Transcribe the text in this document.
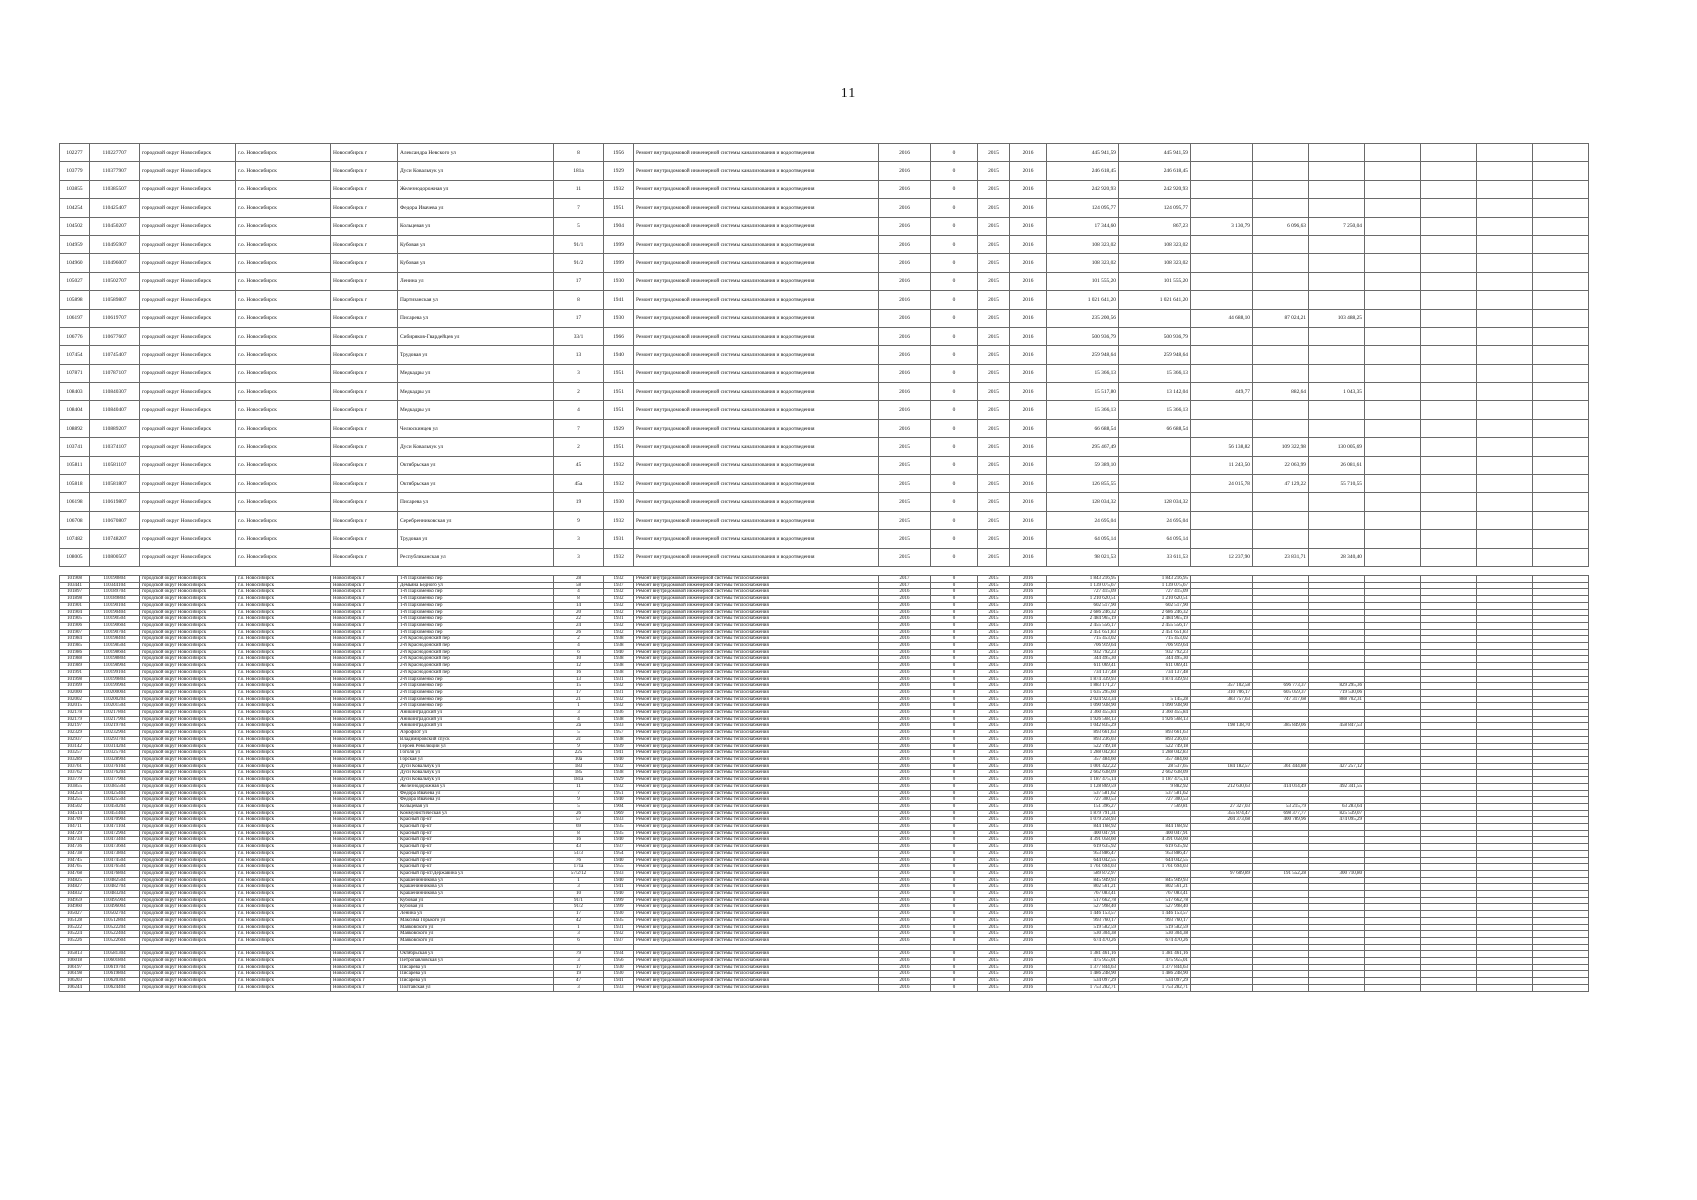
11
102277	110227707	городской округ Новосибирск	г.о. Новосибирск	Новосибирск г	Александра Невского ул	8	1956	Ремонт внутридомовой инженерной системы канализования и водоотведения	2016	0	2015	2016	445 941,59	445 941,59							
103779	110377907	городской округ Новосибирск	г.о. Новосибирск	Новосибирск г	Дуси Ковальчук ул	181а	1929	Ремонт внутридомовой инженерной системы канализования и водоотведения	2016	0	2015	2016	246 618,45	246 618,45							
103855	110385507	городской округ Новосибирск	г.о. Новосибирск	Новосибирск г	Железнодорожная ул	11	1932	Ремонт внутридомовой инженерной системы канализования и водоотведения	2016	0	2015	2016	242 920,93	242 920,93							
104254	110425407	городской округ Новосибирск	г.о. Новосибирск	Новосибирск г	Федора Ивачева ул	7	1951	Ремонт внутридомовой инженерной системы канализования и водоотведения	2016	0	2015	2016	124 095,77	124 095,77							
104502	110450207	городской округ Новосибирск	г.о. Новосибирск	Новосибирск г	Кольцевая ул	5	1904	Ремонт внутридомовой инженерной системы канализования и водоотведения	2016	0	2015	2016	17 344,60	867,23	3 130,79	6 096,63	7 250,04				
104959	110495907	городской округ Новосибирск	г.о. Новосибирск	Новосибирск г	Кубовая ул	91/1	1999	Ремонт внутридомовой инженерной системы канализования и водоотведения	2016	0	2015	2016	108 323,02	108 323,02							
104960	110496007	городской округ Новосибирск	г.о. Новосибирск	Новосибирск г	Кубовая ул	91/2	1999	Ремонт внутридомовой инженерной системы канализования и водоотведения	2016	0	2015	2016	108 323,02	108 323,02							
105027	110502707	городской округ Новосибирск	г.о. Новосибирск	Новосибирск г	Ленина ул	17	1930	Ремонт внутридомовой инженерной системы канализования и водоотведения	2016	0	2015	2016	101 555,20	101 555,20							
105898	110589807	городской округ Новосибирск	г.о. Новосибирск	Новосибирск г	Партизанская ул	8	1941	Ремонт внутридомовой инженерной системы канализования и водоотведения	2016	0	2015	2016	1 021 641,20	1 021 641,20							
106197	110619707	городской округ Новосибирск	г.о. Новосибирск	Новосибирск г	Писарева ул	17	1930	Ремонт внутридомовой инженерной системы канализования и водоотведения	2016	0	2015	2016	235 200,56		44 688,10	87 024,21	103 488,25				
106776	110677607	городской округ Новосибирск	г.о. Новосибирск	Новосибирск г	Сибиряков-Гвардейцев ул	33/1	1966	Ремонт внутридомовой инженерной системы канализования и водоотведения	2016	0	2015	2016	500 936,79	500 936,79							
107454	110745407	городской округ Новосибирск	г.о. Новосибирск	Новосибирск г	Трудовая ул	13	1940	Ремонт внутридомовой инженерной системы канализования и водоотведения	2016	0	2015	2016	259 948,64	259 948,64							
107871	110787107	городской округ Новосибирск	г.о. Новосибирск	Новосибирск г	Медкадры ул	3	1951	Ремонт внутридомовой инженерной системы канализования и водоотведения	2016	0	2015	2016	15 366,13	15 366,13							
108403	110840307	городской округ Новосибирск	г.о. Новосибирск	Новосибирск г	Медкадры ул	2	1951	Ремонт внутридомовой инженерной системы канализования и водоотведения	2016	0	2015	2016	15 517,80	13 142,04	449,77	882,64	1 043,35				
108404	110840407	городской округ Новосибирск	г.о. Новосибирск	Новосибирск г	Медкадры ул	4	1951	Ремонт внутридомовой инженерной системы канализования и водоотведения	2016	0	2015	2016	15 366,13	15 366,13							
108892	110889207	городской округ Новосибирск	г.о. Новосибирск	Новосибирск г	Челюскинцев ул	7	1929	Ремонт внутридомовой инженерной системы канализования и водоотведения	2016	0	2015	2016	66 688,54	66 688,54							
103741	110374107	городской округ Новосибирск	г.о. Новосибирск	Новосибирск г	Дуси Ковальчук ул	2	1951	Ремонт внутридомовой инженерной системы канализования и водоотведения	2015	0	2015	2016	295 467,49		56 138,82	109 322,98	130 005,69				
105811	110581107	городской округ Новосибирск	г.о. Новосибирск	Новосибирск г	Октябрьская ул	45	1932	Ремонт внутридомовой инженерной системы канализования и водоотведения	2015	0	2015	2016	59 389,10		11 243,50	22 063,99	26 081,61				
105818	110581807	городской округ Новосибирск	г.о. Новосибирск	Новосибирск г	Октябрьская ул	45а	1932	Ремонт внутридомовой инженерной системы канализования и водоотведения	2015	0	2015	2016	126 855,55		24 015,78	47 129,22	55 710,55				
106198	110619807	городской округ Новосибирск	г.о. Новосибирск	Новосибирск г	Писарева ул	19	1930	Ремонт внутридомовой инженерной системы канализования и водоотведения	2015	0	2015	2016	128 034,32	128 034,32							
106708	110670807	городской округ Новосибирск	г.о. Новосибирск	Новосибирск г	Серебренниковская ул	9	1932	Ремонт внутридомовой инженерной системы канализования и водоотведения	2015	0	2015	2016	24 695,04	24 695,04							
107482	110748207	городской округ Новосибирск	г.о. Новосибирск	Новосибирск г	Трудовая ул	3	1931	Ремонт внутридомовой инженерной системы канализования и водоотведения	2015	0	2015	2016	64 095,14	64 095,14							
108005	110800507	городской округ Новосибирск	г.о. Новосибирск	Новосибирск г	Республиканская ул	3	1932	Ремонт внутридомовой инженерной системы канализования и водоотведения	2015	0	2015	2016	98 021,53	33 611,53	12 237,90	23 831,71	28 340,40				
101908	110190804	городской округ Новосибирск	г.о. Новосибирск	Новосибирск г	1-й Пархоменко пер	28	1932	Ремонт внутридомовой инженерной системы теплоснабжения	2017	0	2015	2016	1 843 216,95	1 843 216,95							
103441	110344104	городской округ Новосибирск	г.о. Новосибирск	Новосибирск г	Демьяна Бедного ул	58	1937	Ремонт внутридомовой инженерной системы теплоснабжения	2017	0	2015	2016	1 139 075,67	1 139 075,67							
101897	110189704	городской округ Новосибирск	г.о. Новосибирск	Новосибирск г	1-й Пархоменко пер	4	1932	Ремонт внутридомовой инженерной системы теплоснабжения	2016	0	2015	2016	727 415,09	727 415,09							
101898	110189804	городской округ Новосибирск	г.о. Новосибирск	Новосибирск г	1-й Пархоменко пер	8	1932	Ремонт внутридомовой инженерной системы теплоснабжения	2016	0	2015	2016	1 210 620,51	1 210 620,51							
101901	110190104	городской округ Новосибирск	г.о. Новосибирск	Новосибирск г	1-й Пархоменко пер	14	1932	Ремонт внутридомовой инженерной системы теплоснабжения	2016	0	2015	2016	602 517,90	602 517,90							
101904	110190404	городской округ Новосибирск	г.о. Новосибирск	Новосибирск г	1-й Пархоменко пер	20	1932	Ремонт внутридомовой инженерной системы теплоснабжения	2016	0	2015	2016	2 686 246,32	2 686 246,32							
101905	110190504	городской округ Новосибирск	г.о. Новосибирск	Новосибирск г	1-й Пархоменко пер	22	1931	Ремонт внутридомовой инженерной системы теплоснабжения	2016	0	2015	2016	2 484 965,19	2 484 965,19							
101906	110190604	городской округ Новосибирск	г.о. Новосибирск	Новосибирск г	1-й Пархоменко пер	24	1932	Ремонт внутридомовой инженерной системы теплоснабжения	2016	0	2015	2016	2 455 556,17	2 455 556,17							
101907	110190704	городской округ Новосибирск	г.о. Новосибирск	Новосибирск г	1-й Пархоменко пер	26	1932	Ремонт внутридомовой инженерной системы теплоснабжения	2016	0	2015	2016	2 451 651,83	2 451 651,83							
101984	110198404	городской округ Новосибирск	г.о. Новосибирск	Новосибирск г	2-й Краснодонский пер	2	1938	Ремонт внутридомовой инженерной системы теплоснабжения	2016	0	2015	2016	715 453,02	715 453,02							
101985	110198504	городской округ Новосибирск	г.о. Новосибирск	Новосибирск г	2-й Краснодонский пер	4	1938	Ремонт внутридомовой инженерной системы теплоснабжения	2016	0	2015	2016	706 919,64	706 919,64							
101986	110198604	городской округ Новосибирск	г.о. Новосибирск	Новосибирск г	2-й Краснодонский пер	6	1940	Ремонт внутридомовой инженерной системы теплоснабжения	2016	0	2015	2016	932 792,23	932 792,23							
101988	110198804	городской округ Новосибирск	г.о. Новосибирск	Новосибирск г	2-й Краснодонский пер	10	1938	Ремонт внутридомовой инженерной системы теплоснабжения	2016	0	2015	2016	344 495,30	344 495,30							
101989	110198904	городской округ Новосибирск	г.о. Новосибирск	Новосибирск г	2-й Краснодонский пер	12	1938	Ремонт внутридомовой инженерной системы теплоснабжения	2016	0	2015	2016	611 069,41	611 069,41							
101991	110199104	городской округ Новосибирск	г.о. Новосибирск	Новосибирск г	2-й Краснодонский пер	16	1938	Ремонт внутридомовой инженерной системы теплоснабжения	2016	0	2015	2016	734 137,48	734 137,48							
101998	110199804	городской округ Новосибирск	г.о. Новосибирск	Новосибирск г	2-й Пархоменко пер	13	1931	Ремонт внутридомовой инженерной системы теплоснабжения	2016	0	2015	2016	1 874 339,93	1 874 339,93							
101999	110199904	городской округ Новосибирск	г.о. Новосибирск	Новосибирск г	2-й Пархоменко пер	15	1932	Ремонт внутридомовой инженерной системы теплоснабжения	2016	0	2015	2016	1 883 171,27		357 102,58	696 773,37	829 295,36				
102000	110200004	городской округ Новосибирск	г.о. Новосибирск	Новосибирск г	2-й Пархоменко пер	17	1931	Ремонт внутридомовой инженерной системы теплоснабжения	2016	0	2015	2016	1 635 295,60		310 706,17	605 059,37	719 530,06				
102002	110200204	городской округ Новосибирск	г.о. Новосибирск	Новосибирск г	2-й Пархоменко пер	21	1932	Ремонт внутридомовой инженерной системы теплоснабжения	2016	0	2015	2016	2 024 923,34	5 145,28	383 757,63	747 317,68	888 702,31				
102015	110201504	городской округ Новосибирск	г.о. Новосибирск	Новосибирск г	2-й Пархоменко пер	1	1932	Ремонт внутридомовой инженерной системы теплоснабжения	2016	0	2015	2016	1 090 938,90	1 090 938,90							
102178	110217804	городской округ Новосибирск	г.о. Новосибирск	Новосибирск г	Аникинградский ул	3	1936	Ремонт внутридомовой инженерной системы теплоснабжения	2016	0	2015	2016	3 360 455,84	3 360 455,84							
102179	110217904	городской округ Новосибирск	г.о. Новосибирск	Новосибирск г	Аникинградский ул	4	1938	Ремонт внутридомовой инженерной системы теплоснабжения	2016	0	2015	2016	1 926 568,13	1 926 568,13							
102197	110219704	городской округ Новосибирск	г.о. Новосибирск	Новосибирск г	Аникинградский ул	2а	1933	Ремонт внутридомовой инженерной системы теплоснабжения	2016	0	2015	2016	1 042 835,29		198 138,70	385 849,06	458 847,53				
102329	110232904	городской округ Новосибирск	г.о. Новосибирск	Новосибирск г	Аэрофлот ул	5	1957	Ремонт внутридомовой инженерной системы теплоснабжения	2016	0	2015	2016	893 661,63	893 661,63							
102937	110293704	городской округ Новосибирск	г.о. Новосибирск	Новосибирск г	Владимировский спуск	2с	1938	Ремонт внутридомовой инженерной системы теплоснабжения	2016	0	2015	2016	893 236,03	893 236,03							
103142	110314204	городской округ Новосибирск	г.о. Новосибирск	Новосибирск г	Героев Революции ул	9	1939	Ремонт внутридомовой инженерной системы теплоснабжения	2016	0	2015	2016	522 749,18	522 749,18							
103257	110325704	городской округ Новосибирск	г.о. Новосибирск	Новосибирск г	Гоголя ул	225	1941	Ремонт внутридомовой инженерной системы теплоснабжения	2016	0	2015	2016	1 288 042,83	1 288 042,83							
103289	110328904	городской округ Новосибирск	г.о. Новосибирск	Новосибирск г	Горская ул	10а	1940	Ремонт внутридомовой инженерной системы теплоснабжения	2016	0	2015	2016	357 484,60	357 484,60							
103761	110376104	городской округ Новосибирск	г.о. Новосибирск	Новосибирск г	Дуси Ковальчук ул	183	1932	Ремонт внутридомовой инженерной системы теплоснабжения	2016	0	2015	2016	1 001 422,22	28 537,65	184 182,57	361 444,88	427 257,12				
103762	110376204	городской округ Новосибирск	г.о. Новосибирск	Новосибирск г	Дуси Ковальчук ул	185	1938	Ремонт внутридомовой инженерной системы теплоснабжения	2016	0	2015	2016	2 662 638,09	2 662 638,09							
103779	110377904	городской округ Новосибирск	г.о. Новосибирск	Новосибирск г	Дуси Ковальчук ул	181а	1929	Ремонт внутридомовой инженерной системы теплоснабжения	2016	0	2015	2016	1 187 475,14	1 187 475,14							
103855	110385504	городской округ Новосибирск	г.о. Новосибирск	Новосибирск г	Железнодорожная ул	11	1932	Ремонт внутридомовой инженерной системы теплоснабжения	2016	0	2015	2016	1 128 869,59	9 882,92	212 630,63	414 014,49	492 341,55				
104254	110425404	городской округ Новосибирск	г.о. Новосибирск	Новосибирск г	Федора Ивачева ул	7	1951	Ремонт внутридомовой инженерной системы теплоснабжения	2016	0	2015	2016	537 581,62	537 581,62							
104255	110425504	городской округ Новосибирск	г.о. Новосибирск	Новосибирск г	Федора Ивачева ул	9	1940	Ремонт внутридомовой инженерной системы теплоснабжения	2016	0	2015	2016	727 300,53	727 300,53							
104502	110450204	городской округ Новосибирск	г.о. Новосибирск	Новосибирск г	Кольцевая ул	5	1904	Ремонт внутридомовой инженерной системы теплоснабжения	2016	0	2015	2016	151 396,27	7 569,81	27 327,03	53 215,79	63 283,64				
104514	110451404	городской округ Новосибирск	г.о. Новосибирск	Новосибирск г	Коммунистическая ул	26	1969	Ремонт внутридомовой инженерной системы теплоснабжения	2016	0	2015	2016	1 879 791,31		355 874,47	698 377,77	825 539,07				
104709	110470904	городской округ Новосибирск	г.о. Новосибирск	Новосибирск г	Красный пр-кт	57	1933	Ремонт внутридомовой инженерной системы теплоснабжения	2016	0	2015	2016	1 079 258,93		204 373,68	400 789,96	474 095,29				
104711	110471104	городской округ Новосибирск	г.о. Новосибирск	Новосибирск г	Красный пр-кт	69	1935	Ремонт внутридомовой инженерной системы теплоснабжения	2016	0	2015	2016	844 168,92	844 168,92							
104729	110472904	городской округ Новосибирск	г.о. Новосибирск	Новосибирск г	Красный пр-кт	8	1935	Ремонт внутридомовой инженерной системы теплоснабжения	2016	0	2015	2016	400 047,91	400 047,91							
104734	110473404	городской округ Новосибирск	г.о. Новосибирск	Новосибирск г	Красный пр-кт	16	1940	Ремонт внутридомовой инженерной системы теплоснабжения	2016	0	2015	2016	4 391 058,60	4 391 058,60							
104736	110473604	городской округ Новосибирск	г.о. Новосибирск	Новосибирск г	Красный пр-кт	43	1937	Ремонт внутридомовой инженерной системы теплоснабжения	2016	0	2015	2016	619 635,92	619 635,92							
104738	110473804	городской округ Новосибирск	г.о. Новосибирск	Новосибирск г	Красный пр-кт	51/3	1954	Ремонт внутридомовой инженерной системы теплоснабжения	2016	0	2015	2016	953 886,47	953 886,47							
104745	110474504	городской округ Новосибирск	г.о. Новосибирск	Новосибирск г	Красный пр-кт	76	1940	Ремонт внутридомовой инженерной системы теплоснабжения	2016	0	2015	2016	644 042,55	644 042,55							
104765	110476504	городской округ Новосибирск	г.о. Новосибирск	Новосибирск г	Красный пр-кт	171а	1955	Ремонт внутридомовой инженерной системы теплоснабжения	2016	0	2015	2016	1 761 694,03	1 761 694,03							
104768	110476804	городской округ Новосибирск	г.о. Новосибирск	Новосибирск г	Красный пр-кт/Державина ул	57/2/12	1933	Ремонт внутридомовой инженерной системы теплоснабжения	2016	0	2015	2016	589 872,97		97 609,89	191 552,28	300 710,80				
104825	110482504	городской округ Новосибирск	г.о. Новосибирск	Новосибирск г	Крашенинникова ул	1	1940	Ремонт внутридомовой инженерной системы теплоснабжения	2016	0	2015	2016	845 949,93	845 949,93							
104827	110482704	городской округ Новосибирск	г.о. Новосибирск	Новосибирск г	Крашенинникова ул	3	1941	Ремонт внутридомовой инженерной системы теплоснабжения	2016	0	2015	2016	802 561,21	802 561,21							
104832	110483204	городской округ Новосибирск	г.о. Новосибирск	Новосибирск г	Крашенинникова ул	10	1940	Ремонт внутридомовой инженерной системы теплоснабжения	2016	0	2015	2016	767 083,41	767 083,41							
104959	110495904	городской округ Новосибирск	г.о. Новосибирск	Новосибирск г	Кубовая ул	91/1	1999	Ремонт внутридомовой инженерной системы теплоснабжения	2016	0	2015	2016	517 662,78	517 662,78							
104960	110496004	городской округ Новосибирск	г.о. Новосибирск	Новосибирск г	Кубовая ул	91/2	1999	Ремонт внутридомовой инженерной системы теплоснабжения	2016	0	2015	2016	527 998,40	527 998,40							
105027	110502704	городской округ Новосибирск	г.о. Новосибирск	Новосибирск г	Ленина ул	17	1930	Ремонт внутридомовой инженерной системы теплоснабжения	2016	0	2015	2016	1 446 153,57	1 446 153,57							
105128	110512804	городской округ Новосибирск	г.о. Новосибирск	Новосибирск г	Максима Горького ул	42	1935	Ремонт внутридомовой инженерной системы теплоснабжения	2016	0	2015	2016	993 760,17	993 760,17							
105222	110522204	городской округ Новосибирск	г.о. Новосибирск	Новосибирск г	Маяковского ул	1	1931	Ремонт внутридомовой инженерной системы теплоснабжения	2016	0	2015	2016	519 582,59	519 582,59							
105224	110522404	городской округ Новосибирск	г.о. Новосибирск	Новосибирск г	Маяковского ул	3	1932	Ремонт внутридомовой инженерной системы теплоснабжения	2016	0	2015	2016	530 304,38	530 304,38							
105226	110522604	городской округ Новосибирск	г.о. Новосибирск	Новосибирск г	Маяковского ул	6	1937	Ремонт внутридомовой инженерной системы теплоснабжения	2016	0	2015	2016	674 470,26	674 470,26							

105813	110581304	городской округ Новосибирск	г.о. Новосибирск	Новосибирск г	Октябрьская ул	79	1934	Ремонт внутридомовой инженерной системы теплоснабжения	2016	0	2015	2016	1 381 461,16	1 381 461,16							
106018	110601804	городской округ Новосибирск	г.о. Новосибирск	Новосибирск г	Петропавловская ул	3	1956	Ремонт внутридомовой инженерной системы теплоснабжения	2016	0	2015	2016	475 955,01	475 955,01							
106197	110619704	городской округ Новосибирск	г.о. Новосибирск	Новосибирск г	Писарева ул	17	1930	Ремонт внутридомовой инженерной системы теплоснабжения	2016	0	2015	2016	1 377 844,63	1 377 844,63							
106198	110619804	городской округ Новосибирск	г.о. Новосибирск	Новосибирск г	Писарева ул	19	1930	Ремонт внутридомовой инженерной системы теплоснабжения	2016	0	2015	2016	1 486 248,90	1 486 248,90							
106203	110620304	городской округ Новосибирск	г.о. Новосибирск	Новосибирск г	Писарева ул	47	1941	Ремонт внутридомовой инженерной системы теплоснабжения	2016	0	2015	2016	534 097,29	534 097,29							
106244	110624404	городской округ Новосибирск	г.о. Новосибирск	Новосибирск г	Полтавская ул	3	1933	Ремонт внутридомовой инженерной системы теплоснабжения	2016	0	2015	2016	1 753 282,71	1 753 282,71							
